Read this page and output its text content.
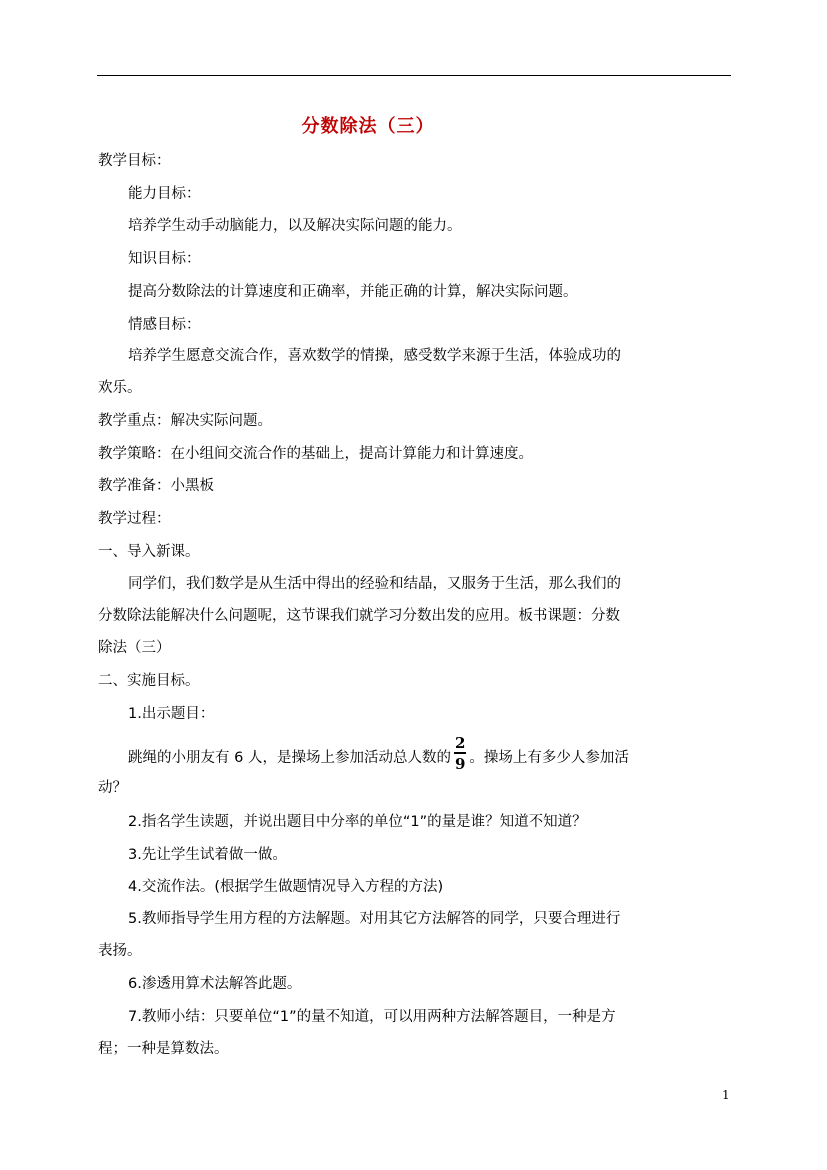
分数除法（三）
教学目标：
能力目标：
培养学生动手动脑能力，以及解决实际问题的能力。
知识目标：
提高分数除法的计算速度和正确率，并能正确的计算，解决实际问题。
情感目标：
培养学生愿意交流合作，喜欢数学的情操，感受数学来源于生活，体验成功的
欢乐。
教学重点：解决实际问题。
教学策略：在小组间交流合作的基础上，提高计算能力和计算速度。
教学准备：小黑板
教学过程：
一、导入新课。
同学们，我们数学是从生活中得出的经验和结晶，又服务于生活，那么我们的
分数除法能解决什么问题呢，这节课我们就学习分数出发的应用。板书课题：分数
除法（三）
二、实施目标。
1.出示题目：
跳绳的小朋友有 6 人，是操场上参加活动总人数的 $\frac{2}{9}$ 。操场上有多少人参加活
动？
2.指名学生读题，并说出题目中分率的单位“1”的量是谁？知道不知道？
3.先让学生试着做一做。
4.交流作法。(根据学生做题情况导入方程的方法)
5.教师指导学生用方程的方法解题。对用其它方法解答的同学，只要合理进行
表扬。
6.渗透用算术法解答此题。
7.教师小结：只要单位“1”的量不知道，可以用两种方法解答题目，一种是方
程；一种是算数法。
1
